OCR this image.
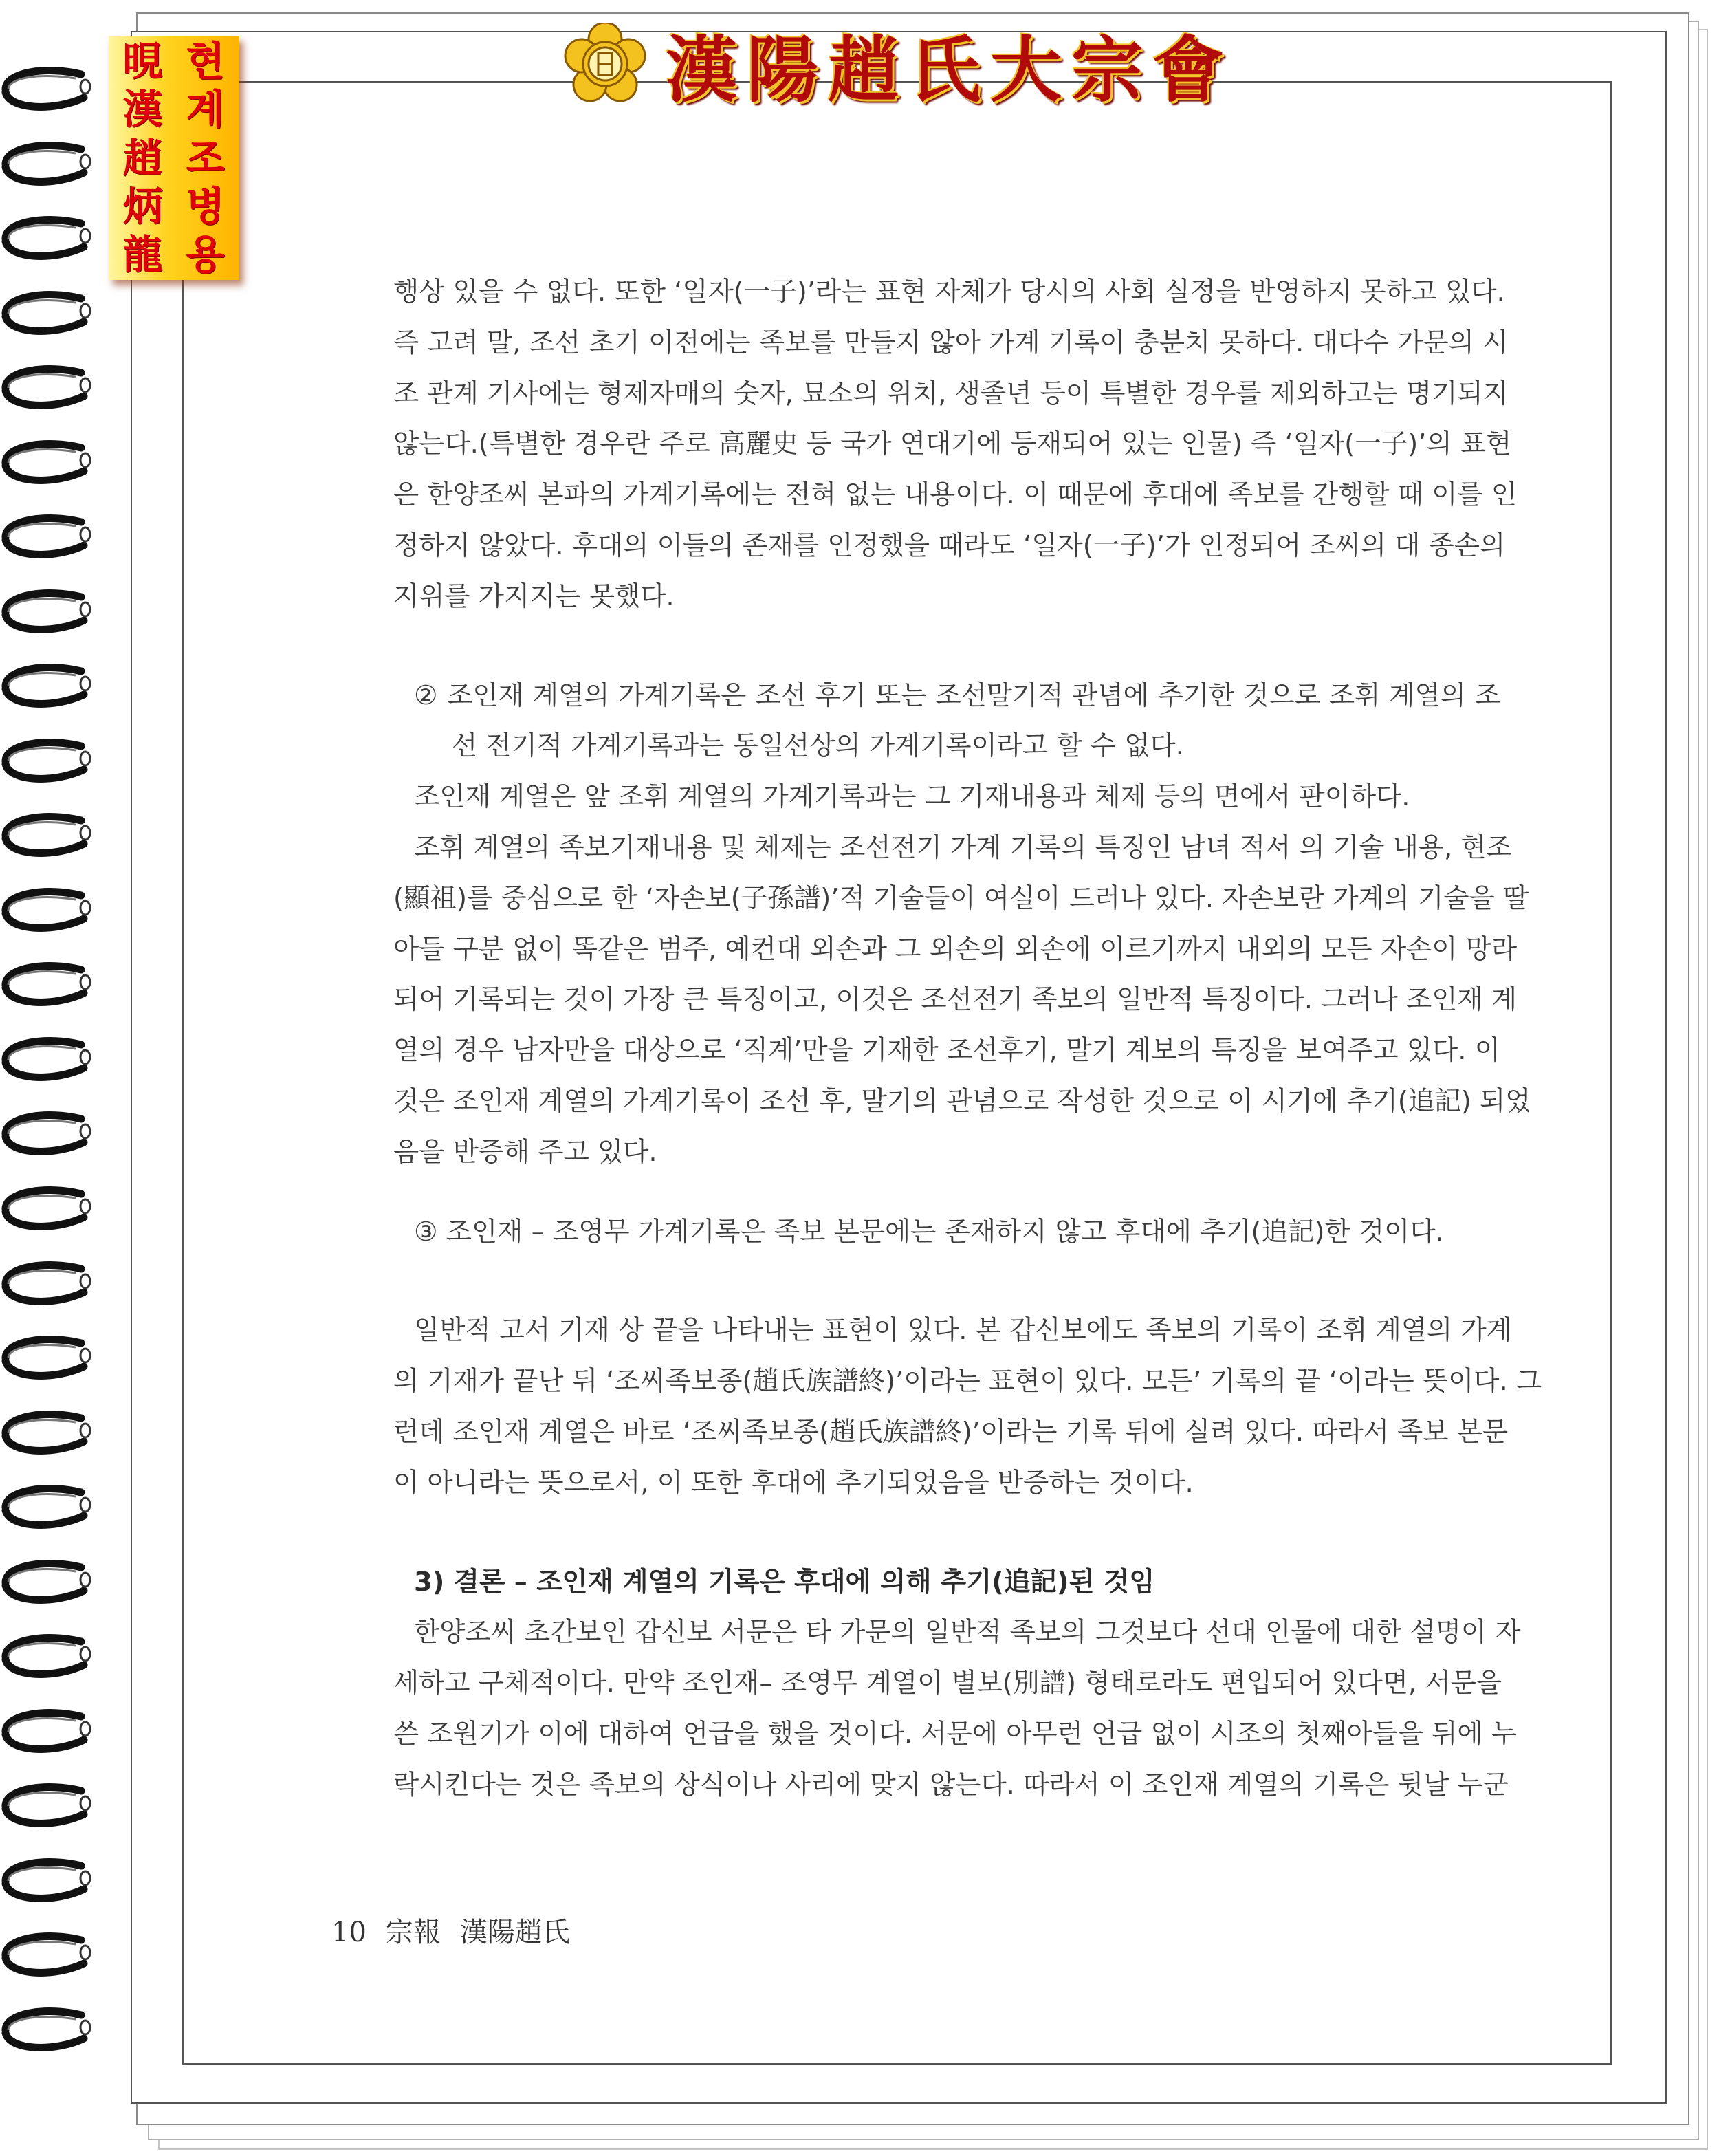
晛
漢
趙
炳
龍
현
계
조
병
용
漢陽趙氏大宗會
행상 있을 수 없다. 또한 ‘일자(一子)’라는 표현 자체가 당시의 사회 실정을 반영하지 못하고 있다.
즉 고려 말, 조선 초기 이전에는 족보를 만들지 않아 가계 기록이 충분치 못하다. 대다수 가문의 시
조 관계 기사에는 형제자매의 숫자, 묘소의 위치, 생졸년 등이 특별한 경우를 제외하고는 명기되지
않는다.(특별한 경우란 주로 高麗史 등 국가 연대기에 등재되어 있는 인물) 즉 ‘일자(一子)’의 표현
은 한양조씨 본파의 가계기록에는 전혀 없는 내용이다. 이 때문에 후대에 족보를 간행할 때 이를 인
정하지 않았다. 후대의 이들의 존재를 인정했을 때라도 ‘일자(一子)’가 인정되어 조씨의 대 종손의
지위를 가지지는 못했다.
② 조인재 계열의 가계기록은 조선 후기 또는 조선말기적 관념에 추기한 것으로 조휘 계열의 조
선 전기적 가계기록과는 동일선상의 가계기록이라고 할 수 없다.
조인재 계열은 앞 조휘 계열의 가계기록과는 그 기재내용과 체제 등의 면에서 판이하다.
조휘 계열의 족보기재내용 및 체제는 조선전기 가계 기록의 특징인 남녀 적서 의 기술 내용, 현조
(顯祖)를 중심으로 한 ‘자손보(子孫譜)’적 기술들이 여실이 드러나 있다. 자손보란 가계의 기술을 딸
아들 구분 없이 똑같은 범주, 예컨대 외손과 그 외손의 외손에 이르기까지 내외의 모든 자손이 망라
되어 기록되는 것이 가장 큰 특징이고, 이것은 조선전기 족보의 일반적 특징이다. 그러나 조인재 계
열의 경우 남자만을 대상으로 ‘직계’만을 기재한 조선후기, 말기 계보의 특징을 보여주고 있다. 이
것은 조인재 계열의 가계기록이 조선 후, 말기의 관념으로 작성한 것으로 이 시기에 추기(追記) 되었
음을 반증해 주고 있다.
③ 조인재 – 조영무 가계기록은 족보 본문에는 존재하지 않고 후대에 추기(追記)한 것이다.
일반적 고서 기재 상 끝을 나타내는 표현이 있다. 본 갑신보에도 족보의 기록이 조휘 계열의 가계
의 기재가 끝난 뒤 ‘조씨족보종(趙氏族譜終)’이라는 표현이 있다. 모든’ 기록의 끝 ‘이라는 뜻이다. 그
런데 조인재 계열은 바로 ‘조씨족보종(趙氏族譜終)’이라는 기록 뒤에 실려 있다. 따라서 족보 본문
이 아니라는 뜻으로서, 이 또한 후대에 추기되었음을 반증하는 것이다.
3) 결론 – 조인재 계열의 기록은 후대에 의해 추기(追記)된 것임
한양조씨 초간보인 갑신보 서문은 타 가문의 일반적 족보의 그것보다 선대 인물에 대한 설명이 자
세하고 구체적이다. 만약 조인재– 조영무 계열이 별보(別譜) 형태로라도 편입되어 있다면, 서문을
쓴 조원기가 이에 대하여 언급을 했을 것이다. 서문에 아무런 언급 없이 시조의 첫째아들을 뒤에 누
락시킨다는 것은 족보의 상식이나 사리에 맞지 않는다. 따라서 이 조인재 계열의 기록은 뒷날 누군
10 宗報 漢陽趙氏
